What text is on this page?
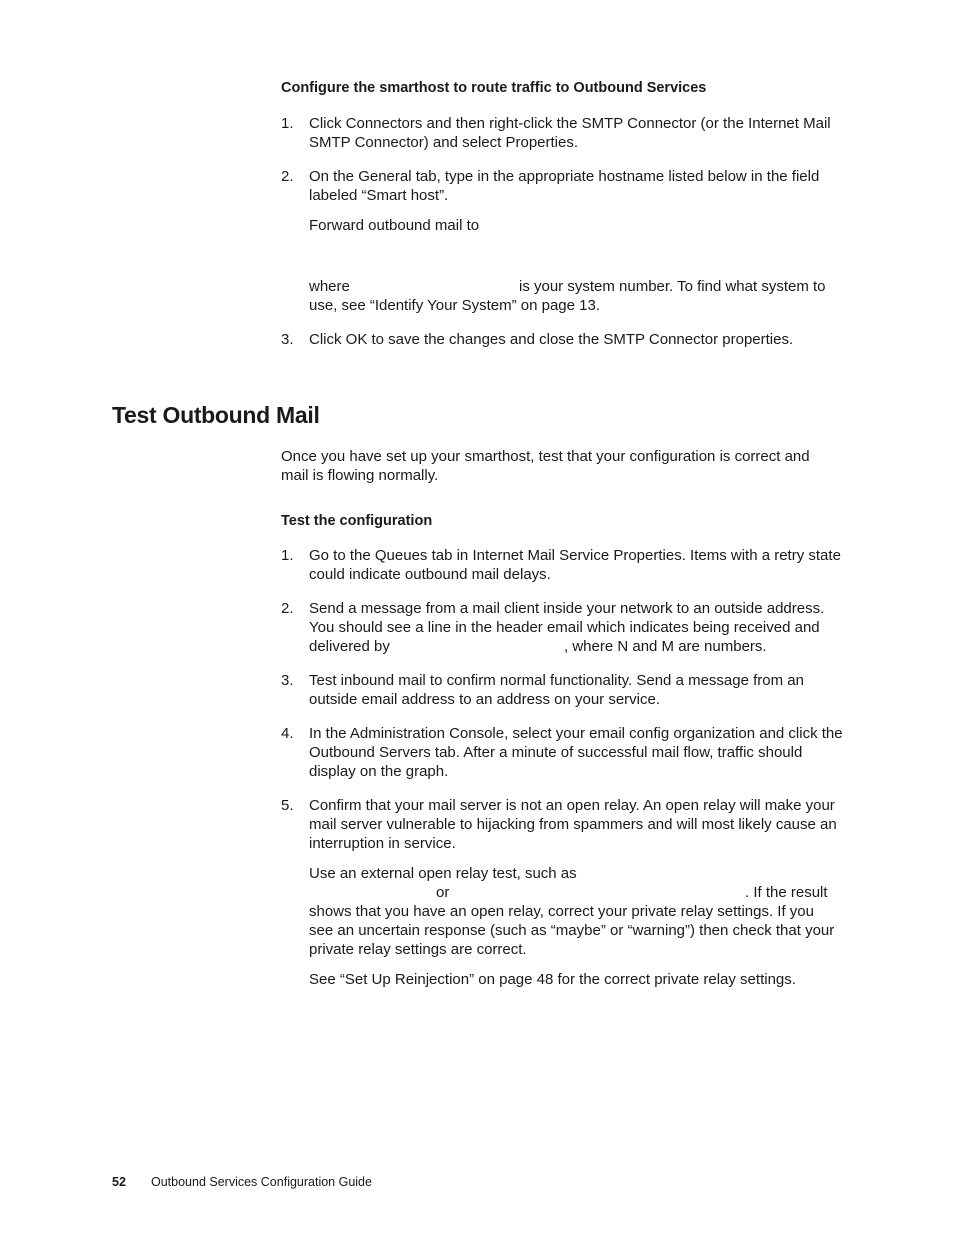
Configure the smarthost to route traffic to Outbound Services
1. Click Connectors and then right-click the SMTP Connector (or the Internet Mail SMTP Connector) and select Properties.
2. On the General tab, type in the appropriate hostname listed below in the field labeled “Smart host”.
Forward outbound mail to
where	is your system number. To find what system to
use, see “Identify Your System” on page 13.
3. Click OK to save the changes and close the SMTP Connector properties.
Test Outbound Mail
Once you have set up your smarthost, test that your configuration is correct and mail is flowing normally.
Test the configuration
1. Go to the Queues tab in Internet Mail Service Properties. Items with a retry state could indicate outbound mail delays.
2. Send a message from a mail client inside your network to an outside address.
You should see a line in the header email which indicates being received and
delivered by	, where N and M are numbers.
3. Test inbound mail to confirm normal functionality. Send a message from an outside email address to an address on your service.
4. In the Administration Console, select your email config organization and click the Outbound Servers tab. After a minute of successful mail flow, traffic should display on the graph.
5. Confirm that your mail server is not an open relay. An open relay will make your mail server vulnerable to hijacking from spammers and will most likely cause an interruption in service.
Use an external open relay test, such as
or	. If the result
shows that you have an open relay, correct your private relay settings. If you see an uncertain response (such as “maybe” or “warning”) then check that your private relay settings are correct.
See “Set Up Reinjection” on page 48 for the correct private relay settings.
52 Outbound Services Configuration Guide
